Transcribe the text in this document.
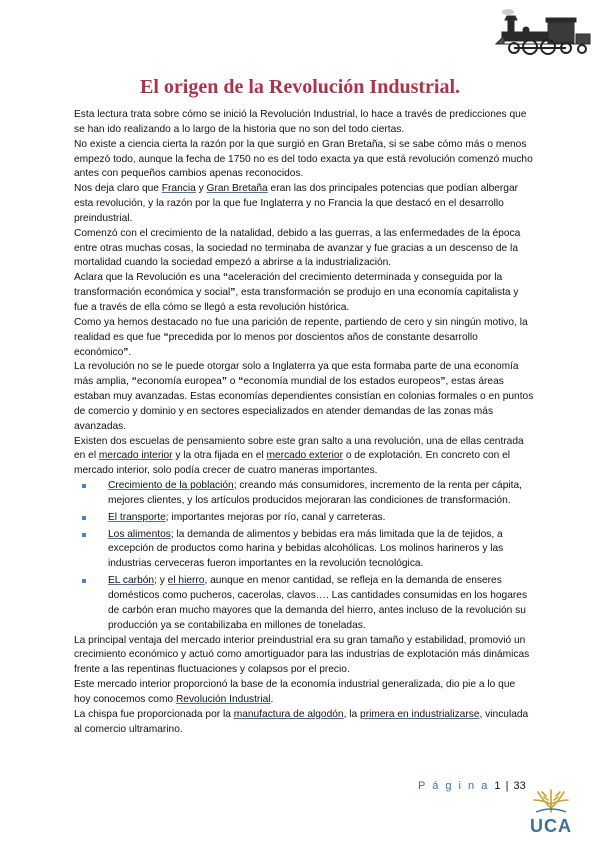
El origen de la Revolución Industrial.

Esta lectura trata sobre cómo se inició la Revolución Industrial, lo hace a través de predicciones que se han ido realizando a lo largo de la historia que no son del todo ciertas.

No existe a ciencia cierta la razón por la que surgió en Gran Bretaña, si se sabe cómo más o menos empezó todo, aunque la fecha de 1750 no es del todo exacta ya que está revolución comenzó mucho antes con pequeños cambios apenas reconocidos.

Nos deja claro que Francia y Gran Bretaña eran las dos principales potencias que podían albergar esta revolución, y la razón por la que fue Inglaterra y no Francia la que destacó en el desarrollo preindustrial.

Comenzó con el crecimiento de la natalidad, debido a las guerras, a las enfermedades de la época entre otras muchas cosas, la sociedad no terminaba de avanzar y fue gracias a un descenso de la mortalidad cuando la sociedad empezó a abrirse a la industrialización.

Aclara que la Revolución es una “aceleración del crecimiento determinada y conseguida por la transformación económica y social”, esta transformación se produjo en una economía capitalista y fue a través de ella cómo se llegó a esta revolución histórica.

Como ya hemos destacado no fue una parición de repente, partiendo de cero y sin ningún motivo, la realidad es que fue “precedida por lo menos por doscientos años de constante desarrollo económico”.

La revolución no se le puede otorgar solo a Inglaterra ya que esta formaba parte de una economía más amplia, “economía europea” o “economía mundial de los estados europeos”, estas áreas estaban muy avanzadas. Estas economías dependientes consistían en colonias formales o en puntos de comercio y dominio y en sectores especializados en atender demandas de las zonas más avanzadas.

Existen dos escuelas de pensamiento sobre este gran salto a una revolución, una de ellas centrada en el mercado interior y la otra fijada en el mercado exterior o de explotación. En concreto con el mercado interior, solo podía crecer de cuatro maneras importantes.

Crecimiento de la población; creando más consumidores, incremento de la renta per cápita, mejores clientes, y los artículos producidos mejoraran las condiciones de transformación.
El transporte; importantes mejoras por río, canal y carreteras.
Los alimentos; la demanda de alimentos y bebidas era más limitada que la de tejidos, a excepción de productos como harina y bebidas alcohólicas. Los molinos harineros y las industrias cerveceras fueron importantes en la revolución tecnológica.
EL carbón; y el hierro, aunque en menor cantidad, se refleja en la demanda de enseres domésticos como pucheros, cacerolas, clavos…. Las cantidades consumidas en los hogares de carbón eran mucho mayores que la demanda del hierro, antes incluso de la revolución su producción ya se contabilizaba en millones de toneladas.

La principal ventaja del mercado interior preindustrial era su gran tamaño y estabilidad, promovió un crecimiento económico y actuó como amortiguador para las industrias de explotación más dinámicas frente a las repentinas fluctuaciones y colapsos por el precio.

Este mercado interior proporcionó la base de la economía industrial generalizada, dio pie a lo que hoy conocemos como Revolución Industrial.

La chispa fue proporcionada por la manufactura de algodón, la primera en industrializarse, vinculada al comercio ultramarino.

P á g i n a 1 | 33
UCA
